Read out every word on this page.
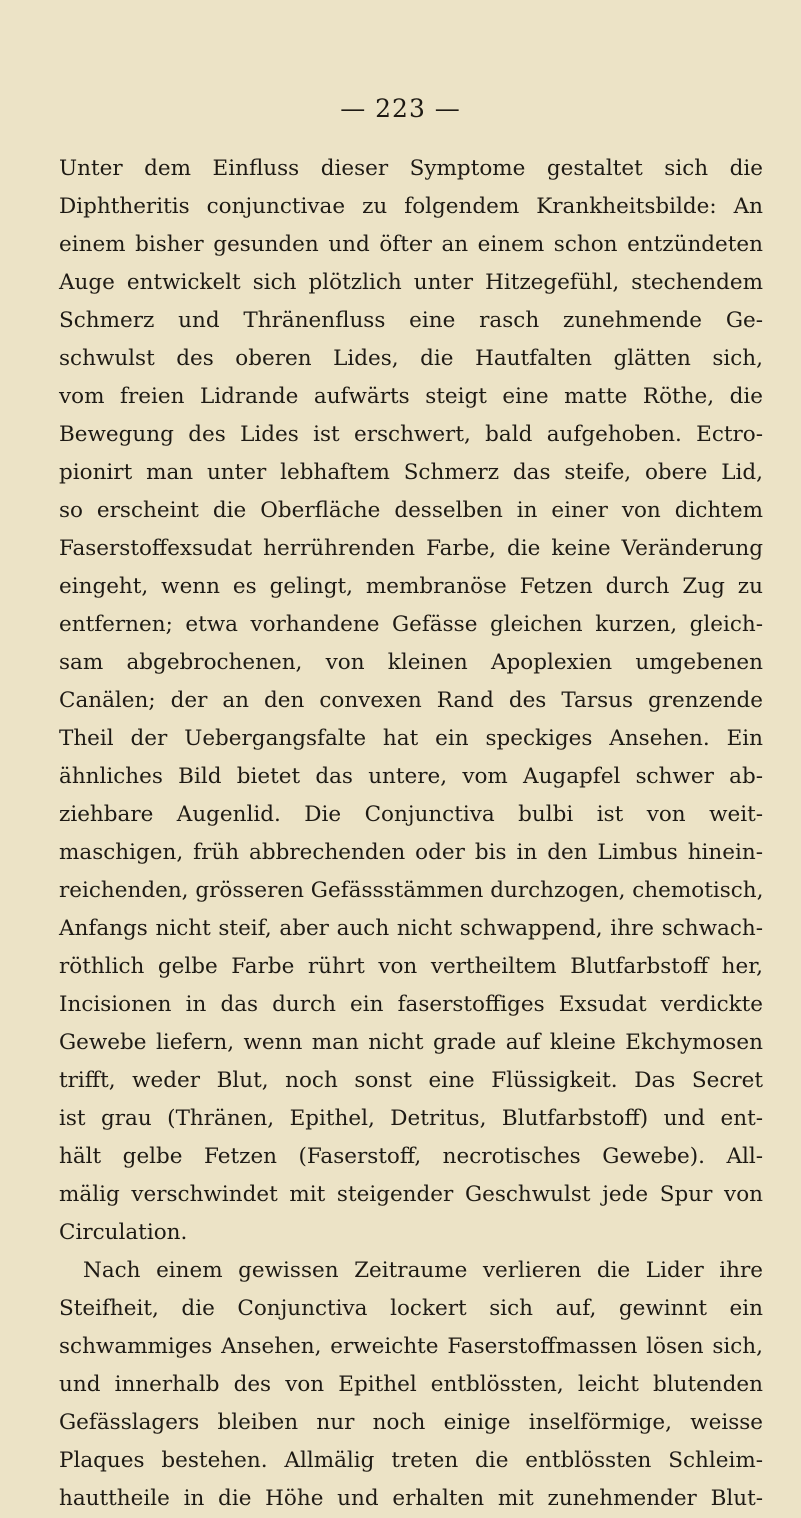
— 223 —
Unter dem Einfluss dieser Symptome gestaltet sich die
Diphtheritis conjunctivae zu folgendem Krankheitsbilde: An
einem bisher gesunden und öfter an einem schon entzündeten
Auge entwickelt sich plötzlich unter Hitzegefühl, stechendem
Schmerz und Thränenfluss eine rasch zunehmende Ge-
schwulst des oberen Lides, die Hautfalten glätten sich,
vom freien Lidrande aufwärts steigt eine matte Röthe, die
Bewegung des Lides ist erschwert, bald aufgehoben. Ectro-
pionirt man unter lebhaftem Schmerz das steife, obere Lid,
so erscheint die Oberfläche desselben in einer von dichtem
Faserstoffexsudat herrührenden Farbe, die keine Veränderung
eingeht, wenn es gelingt, membranöse Fetzen durch Zug zu
entfernen; etwa vorhandene Gefässe gleichen kurzen, gleich-
sam abgebrochenen, von kleinen Apoplexien umgebenen
Canälen; der an den convexen Rand des Tarsus grenzende
Theil der Uebergangsfalte hat ein speckiges Ansehen. Ein
ähnliches Bild bietet das untere, vom Augapfel schwer ab-
ziehbare Augenlid. Die Conjunctiva bulbi ist von weit-
maschigen, früh abbrechenden oder bis in den Limbus hinein-
reichenden, grösseren Gefässstämmen durchzogen, chemotisch,
Anfangs nicht steif, aber auch nicht schwappend, ihre schwach-
röthlich gelbe Farbe rührt von vertheiltem Blutfarbstoff her,
Incisionen in das durch ein faserstoffiges Exsudat verdickte
Gewebe liefern, wenn man nicht grade auf kleine Ekchymosen
trifft, weder Blut, noch sonst eine Flüssigkeit. Das Secret
ist grau (Thränen, Epithel, Detritus, Blutfarbstoff) und ent-
hält gelbe Fetzen (Faserstoff, necrotisches Gewebe). All-
mälig verschwindet mit steigender Geschwulst jede Spur von
Circulation.
Nach einem gewissen Zeitraume verlieren die Lider ihre
Steifheit, die Conjunctiva lockert sich auf, gewinnt ein
schwammiges Ansehen, erweichte Faserstoffmassen lösen sich,
und innerhalb des von Epithel entblössten, leicht blutenden
Gefässlagers bleiben nur noch einige inselförmige, weisse
Plaques bestehen. Allmälig treten die entblössten Schleim-
hauttheile in die Höhe und erhalten mit zunehmender Blut-
